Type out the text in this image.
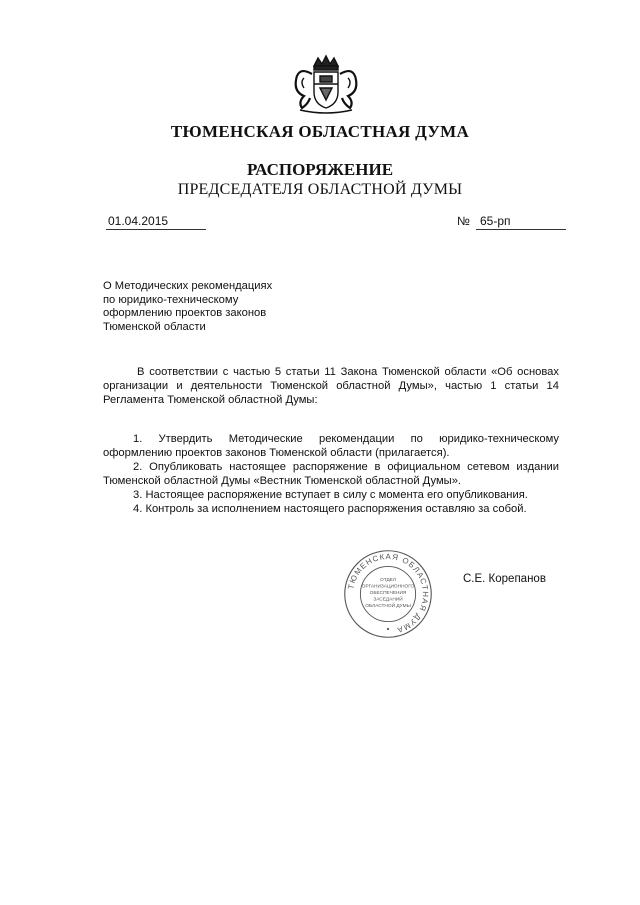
ТЮМЕНСКАЯ ОБЛАСТНАЯ ДУМА
РАСПОРЯЖЕНИЕ
ПРЕДСЕДАТЕЛЯ ОБЛАСТНОЙ ДУМЫ
01.04.2015	№ 65-рп
О Методических рекомендациях
по юридико-техническому
оформлению проектов законов
Тюменской области
В соответствии с частью 5 статьи 11 Закона Тюменской области «Об основах организации и деятельности Тюменской областной Думы», частью 1 статьи 14 Регламента Тюменской областной Думы:
1. Утвердить Методические рекомендации по юридико-техническому оформлению проектов законов Тюменской области (прилагается).
2. Опубликовать настоящее распоряжение в официальном сетевом издании Тюменской областной Думы «Вестник Тюменской областной Думы».
3. Настоящее распоряжение вступает в силу с момента его опубликования.
4. Контроль за исполнением настоящего распоряжения оставляю за собой.
ТЮМЕНСКАЯ ОБЛАСТНАЯ ДУМА
ОТДЕЛ
ОРГАНИЗАЦИОННОГО
ОБЕСПЕЧЕНИЯ
ЗАСЕДАНИЙ
ОБЛАСТНОЙ ДУМЫ
С.Е. Корепанов
